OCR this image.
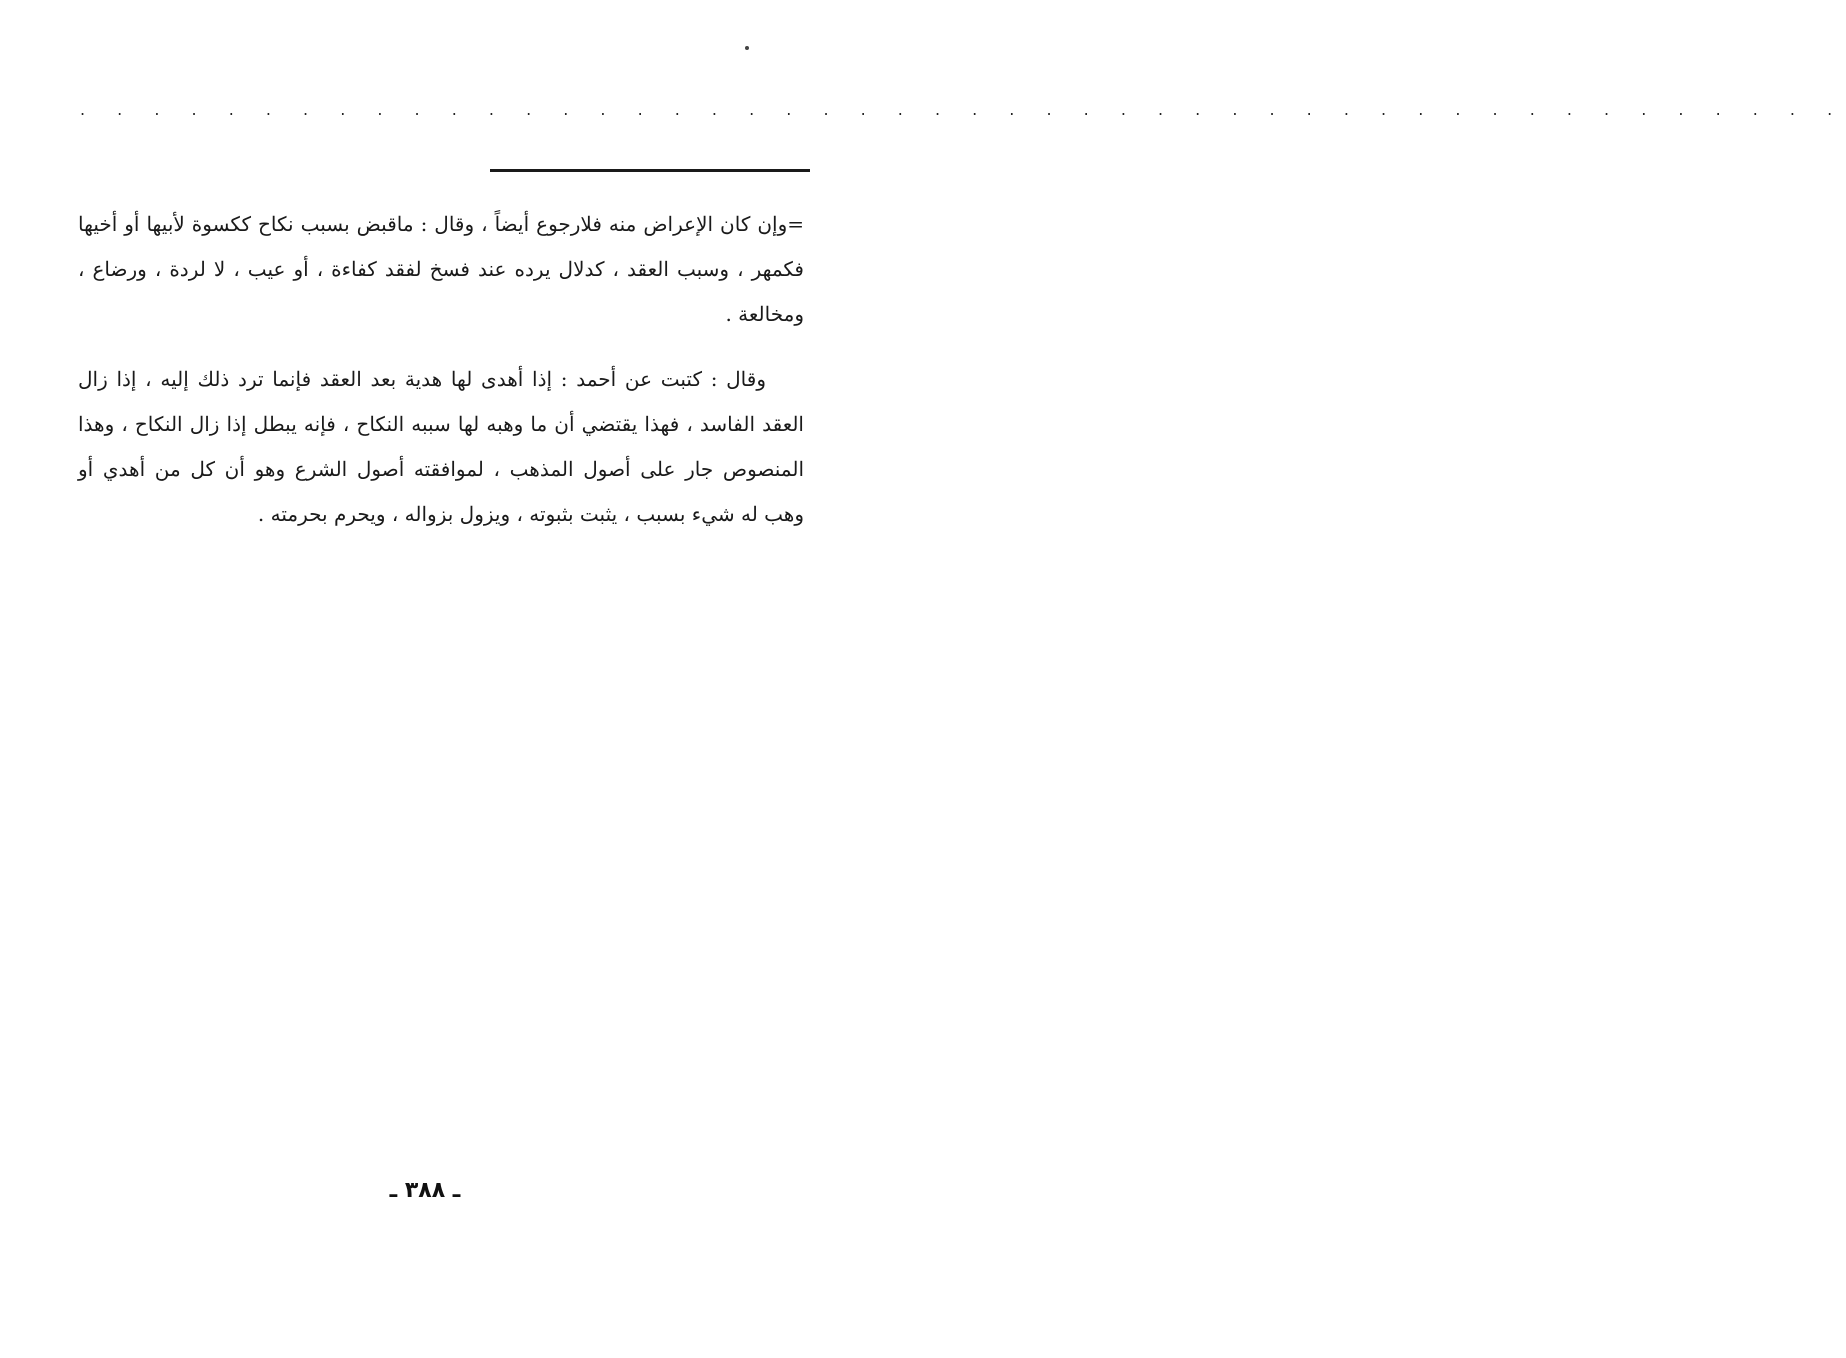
. . . . . . . . . . . . . . . . . . . . . . . . . . . . . . . . . . . . . . . . . . . . . . . .

=وإن كان الإعراض منه فلارجوع أيضاً ، وقال : ماقبض بسبب نكاح ككسوة لأبيها أو أخيها فكمهر ، وسبب العقد ، كدلال يرده عند فسخ لفقد كفاءة ، أو عيب ، لا لردة ، ورضاع ، ومخالعة .

وقال : كتبت عن أحمد : إذا أهدى لها هدية بعد العقد فإنما ترد ذلك إليه ، إذا زال العقد الفاسد ، فهذا يقتضي أن ما وهبه لها سببه النكاح ، فإنه يبطل إذا زال النكاح ، وهذا المنصوص جار على أصول المذهب ، لموافقته أصول الشرع وهو أن كل من أهدي أو وهب له شيء بسبب ، يثبت بثبوته ، ويزول بزواله ، ويحرم بحرمته .

ـ ٣٨٨ ـ
